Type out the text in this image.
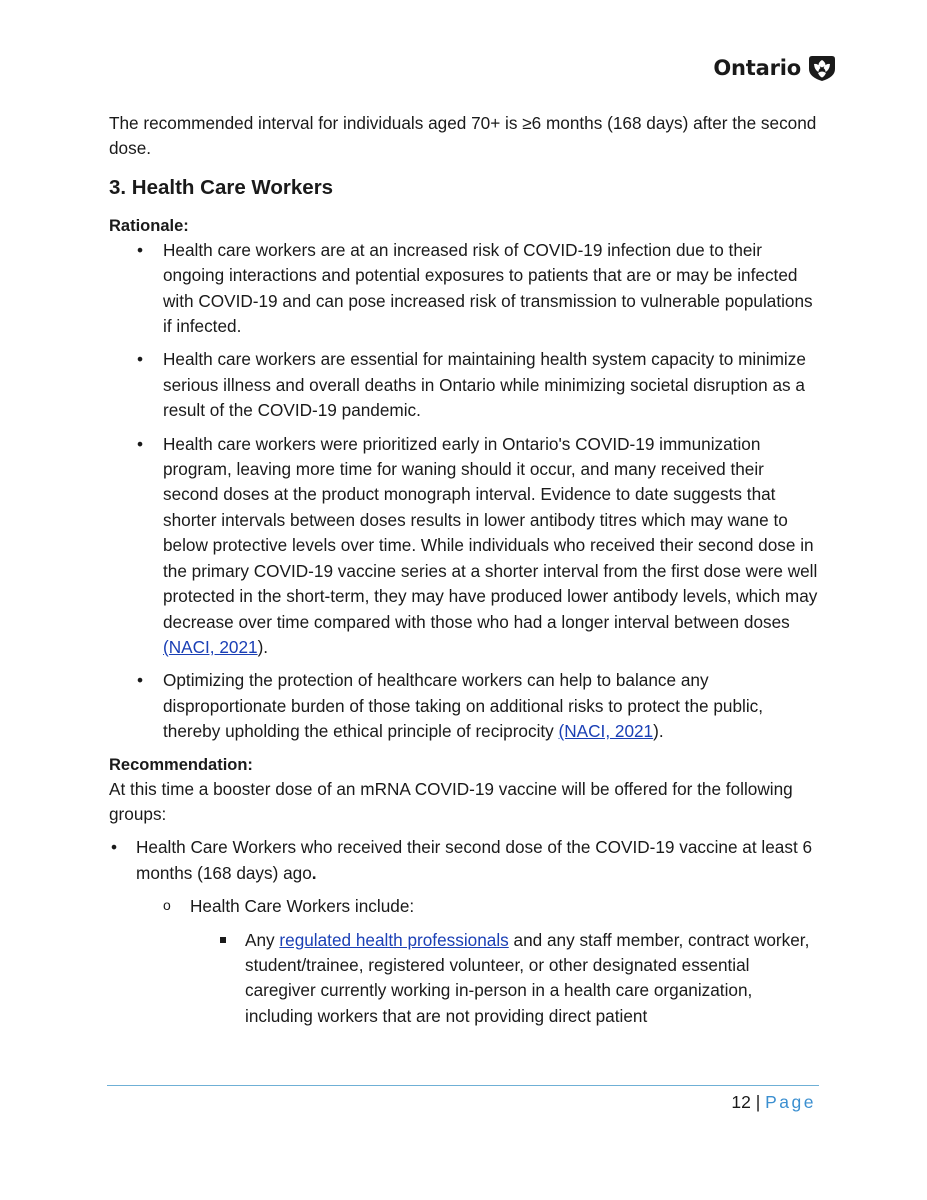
Ontario

The recommended interval for individuals aged 70+ is ≥6 months (168 days) after the second dose.

3. Health Care Workers

Rationale:

• Health care workers are at an increased risk of COVID-19 infection due to their ongoing interactions and potential exposures to patients that are or may be infected with COVID-19 and can pose increased risk of transmission to vulnerable populations if infected.
• Health care workers are essential for maintaining health system capacity to minimize serious illness and overall deaths in Ontario while minimizing societal disruption as a result of the COVID-19 pandemic.
• Health care workers were prioritized early in Ontario's COVID-19 immunization program, leaving more time for waning should it occur, and many received their second doses at the product monograph interval. Evidence to date suggests that shorter intervals between doses results in lower antibody titres which may wane to below protective levels over time. While individuals who received their second dose in the primary COVID-19 vaccine series at a shorter interval from the first dose were well protected in the short-term, they may have produced lower antibody levels, which may decrease over time compared with those who had a longer interval between doses (NACI, 2021).
• Optimizing the protection of healthcare workers can help to balance any disproportionate burden of those taking on additional risks to protect the public, thereby upholding the ethical principle of reciprocity (NACI, 2021).

Recommendation:

At this time a booster dose of an mRNA COVID-19 vaccine will be offered for the following groups:

• Health Care Workers who received their second dose of the COVID-19 vaccine at least 6 months (168 days) ago.
o Health Care Workers include:
Any regulated health professionals and any staff member, contract worker, student/trainee, registered volunteer, or other designated essential caregiver currently working in-person in a health care organization, including workers that are not providing direct patient
12 | Page
